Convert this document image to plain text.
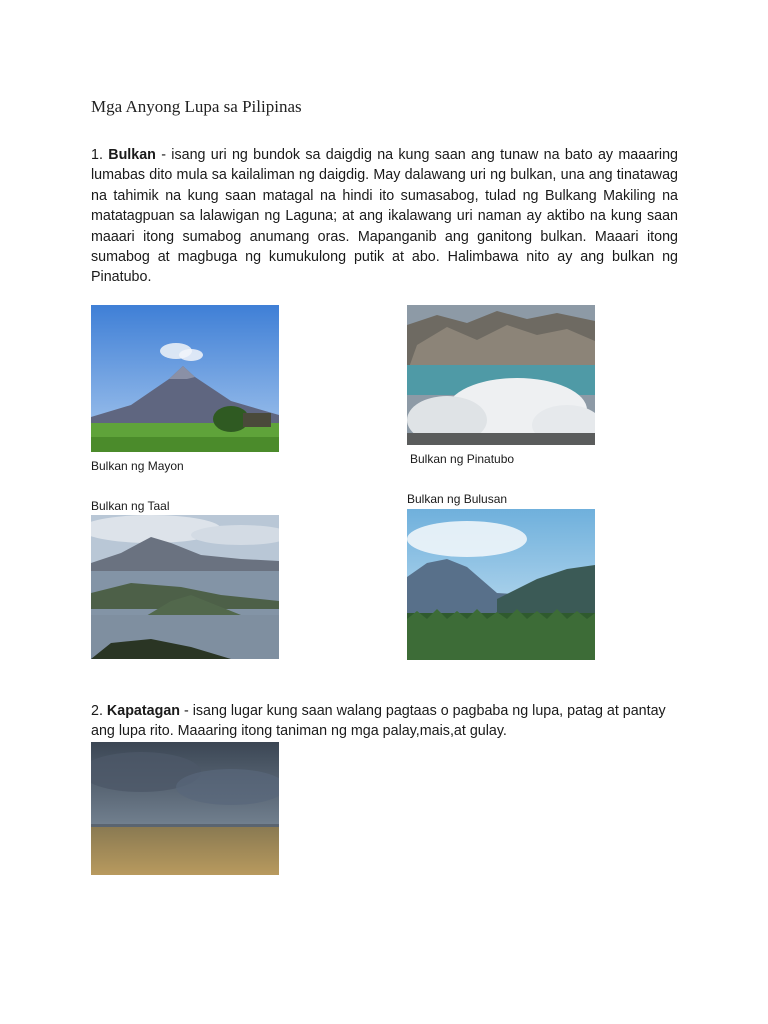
Mga Anyong Lupa sa Pilipinas
1. Bulkan - isang uri ng bundok sa daigdig na kung saan ang tunaw na bato ay maaaring lumabas dito mula sa kailaliman ng daigdig. May dalawang uri ng bulkan, una ang tinatawag na tahimik na kung saan matagal na hindi ito sumasabog, tulad ng Bulkang Makiling na matatagpuan sa lalawigan ng Laguna; at ang ikalawang uri naman ay aktibo na kung saan maaari itong sumabog anumang oras. Mapanganib ang ganitong bulkan. Maaari itong sumabog at magbuga ng kumukulong putik at abo. Halimbawa nito ay ang bulkan ng Pinatubo.
Bulkan ng Mayon	Bulkan ng Pinatubo
Bulkan ng Taal	Bulkan ng Bulusan
2. Kapatagan - isang lugar kung saan walang pagtaas o pagbaba ng lupa, patag at pantay ang lupa rito. Maaaring itong taniman ng mga palay,mais,at gulay.
